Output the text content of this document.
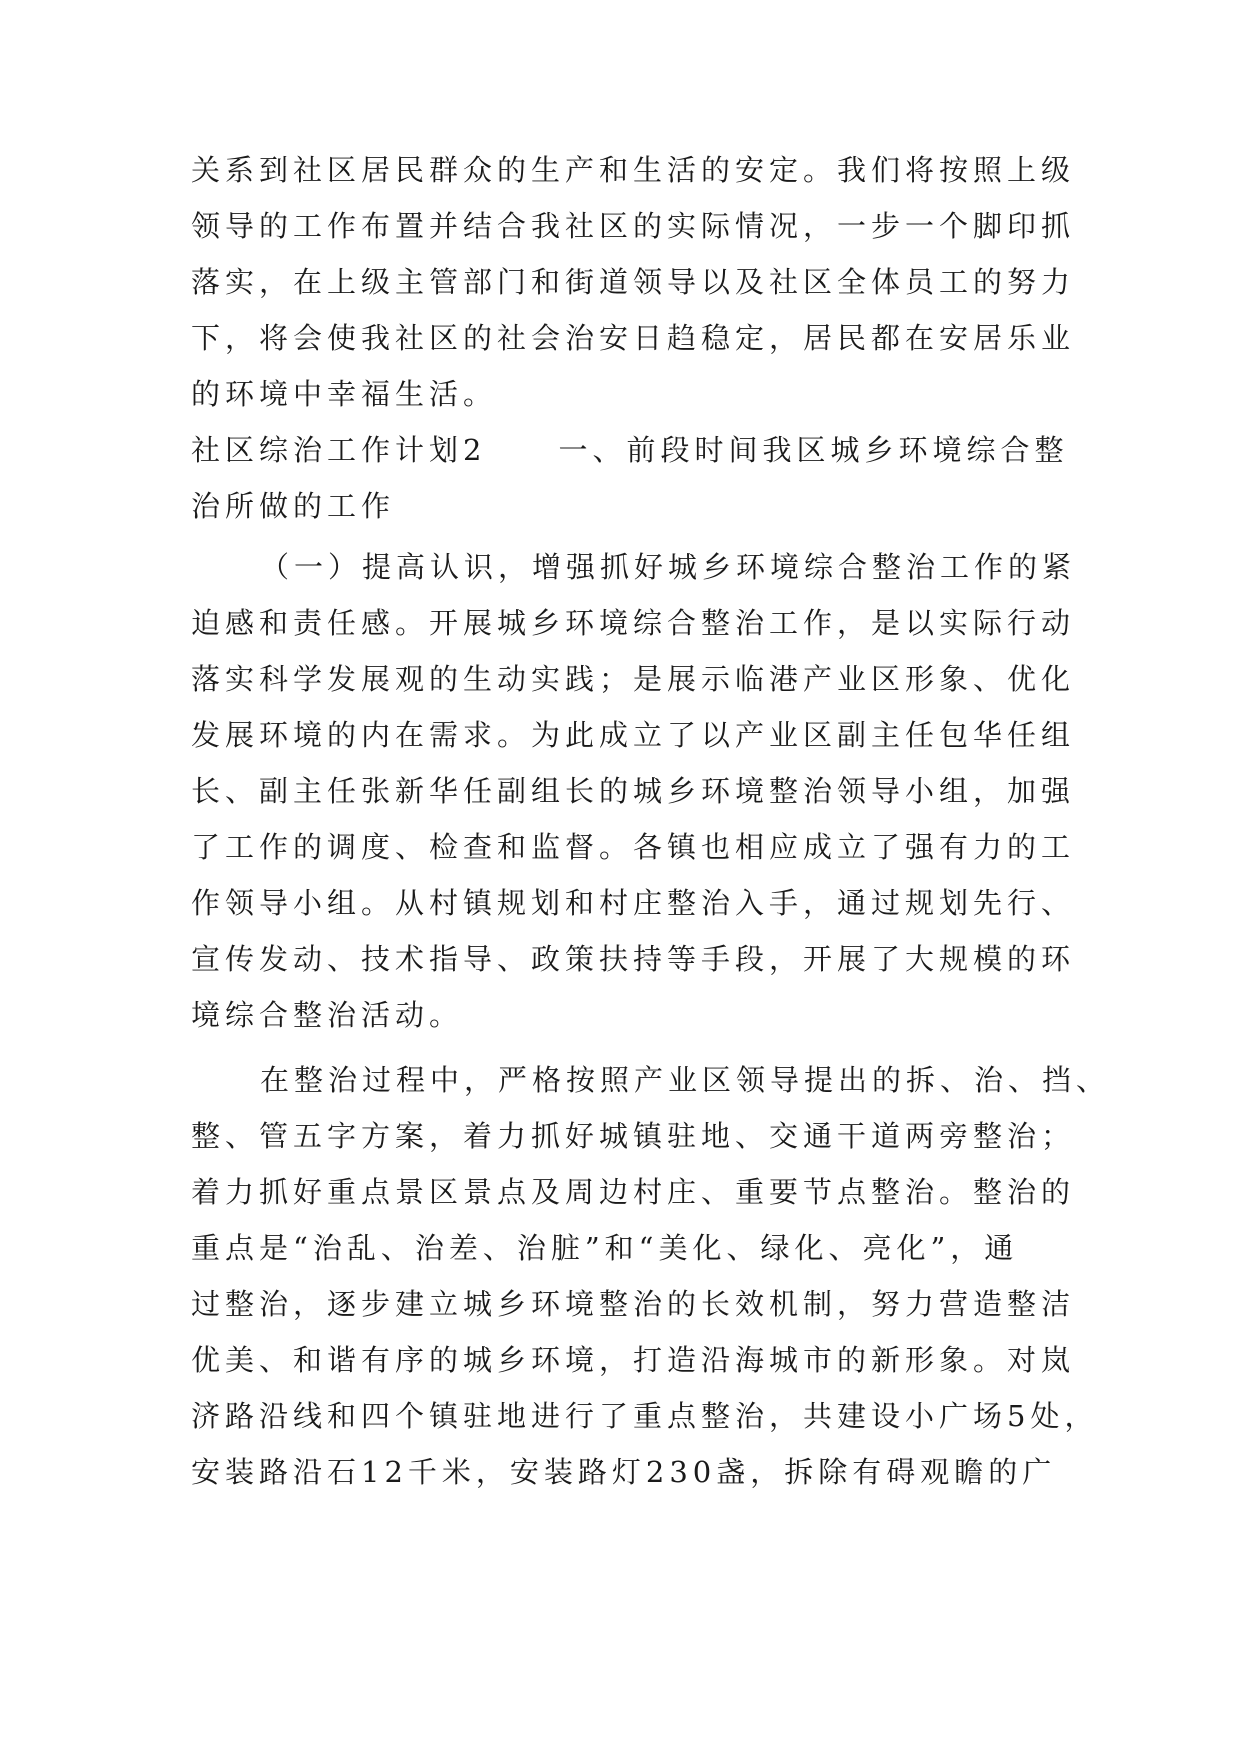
关系到社区居民群众的生产和生活的安定。我们将按照上级
领导的工作布置并结合我社区的实际情况，一步一个脚印抓
落实，在上级主管部门和街道领导以及社区全体员工的努力
下，将会使我社区的社会治安日趋稳定，居民都在安居乐业
的环境中幸福生活。
社区综治工作计划2 一、前段时间我区城乡环境综合整
治所做的工作
（一）提高认识，增强抓好城乡环境综合整治工作的紧
迫感和责任感。开展城乡环境综合整治工作，是以实际行动
落实科学发展观的生动实践；是展示临港产业区形象、优化
发展环境的内在需求。为此成立了以产业区副主任包华任组
长、副主任张新华任副组长的城乡环境整治领导小组，加强
了工作的调度、检查和监督。各镇也相应成立了强有力的工
作领导小组。从村镇规划和村庄整治入手，通过规划先行、
宣传发动、技术指导、政策扶持等手段，开展了大规模的环
境综合整治活动。
在整治过程中，严格按照产业区领导提出的拆、治、挡、
整、管五字方案，着力抓好城镇驻地、交通干道两旁整治；
着力抓好重点景区景点及周边村庄、重要节点整治。整治的
重点是“治乱、治差、治脏”和“美化、绿化、亮化”，通
过整治，逐步建立城乡环境整治的长效机制，努力营造整洁
优美、和谐有序的城乡环境，打造沿海城市的新形象。对岚
济路沿线和四个镇驻地进行了重点整治，共建设小广场5处，
安装路沿石12千米，安装路灯230盏，拆除有碍观瞻的广
